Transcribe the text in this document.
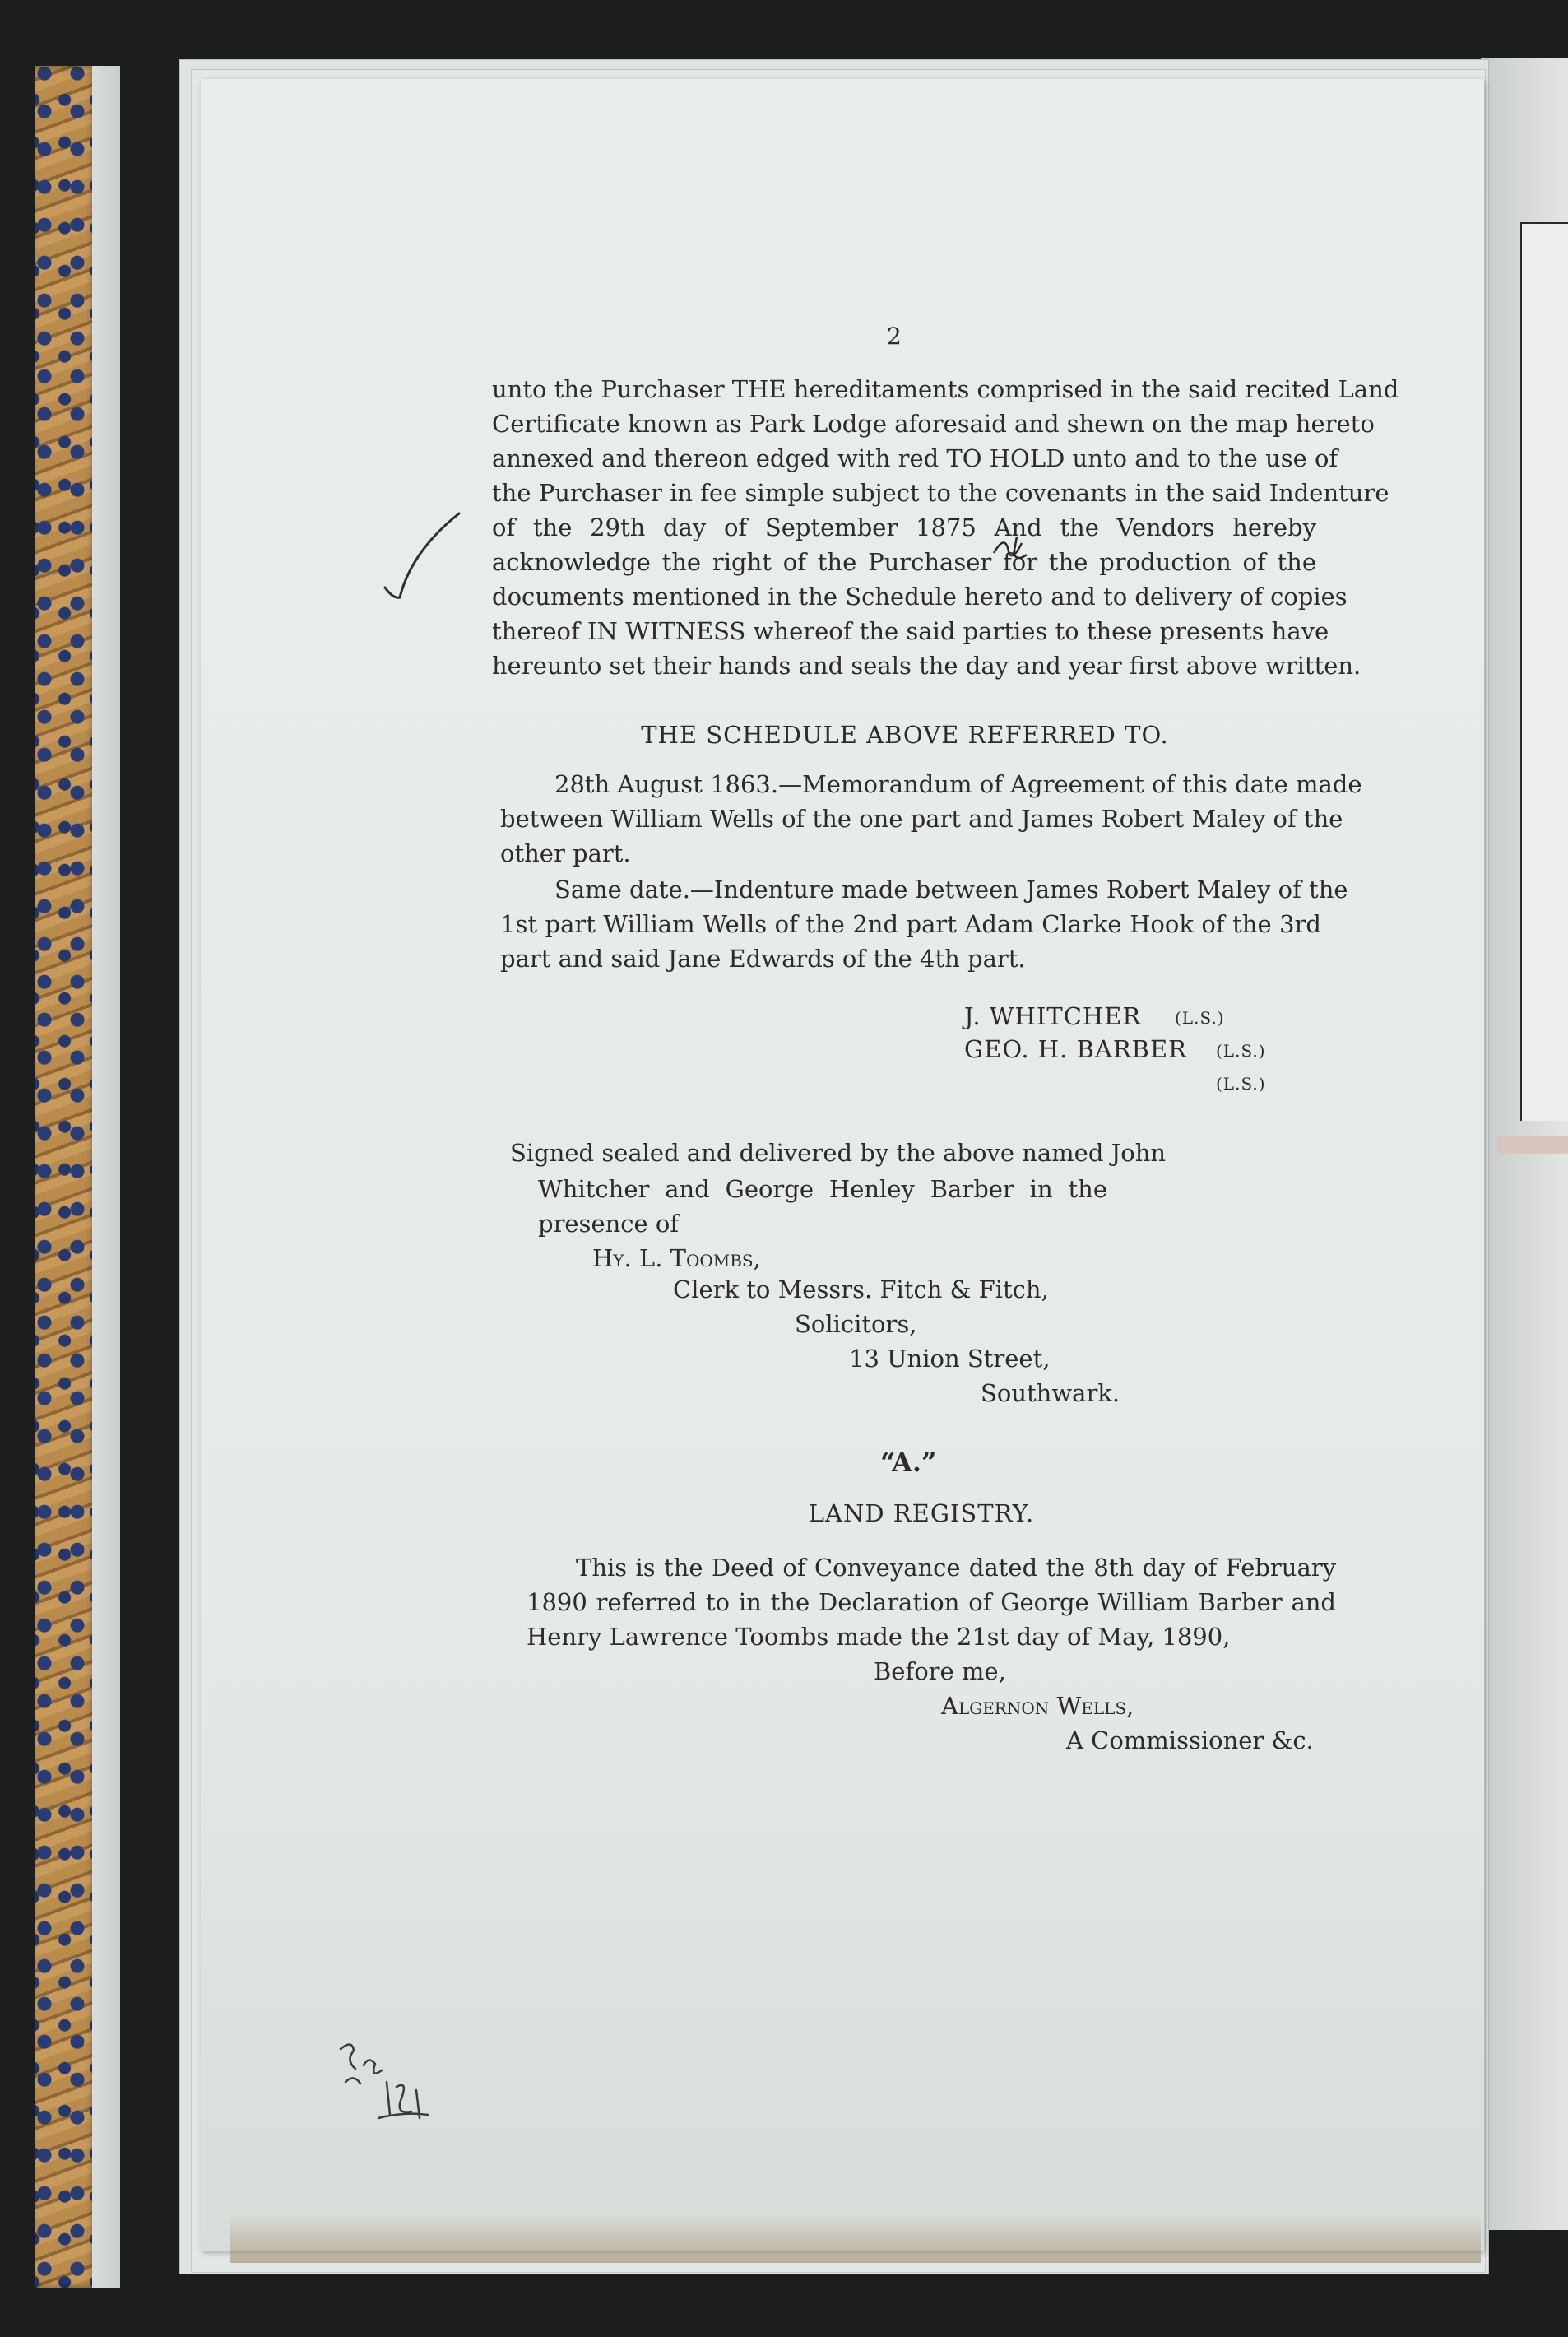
2
unto the Purchaser THE hereditaments comprised in the said recited Land
Certificate known as Park Lodge aforesaid and shewn on the map hereto
annexed and thereon edged with red TO HOLD unto and to the use of
the Purchaser in fee simple subject to the covenants in the said Indenture
of the 29th day of September 1875 And the Vendors hereby
acknowledge the right of the Purchaser for the production of the
documents mentioned in the Schedule hereto and to delivery of copies
thereof IN WITNESS whereof the said parties to these presents have
hereunto set their hands and seals the day and year first above written.
THE SCHEDULE ABOVE REFERRED TO.
28th August 1863.—Memorandum of Agreement of this date made
between William Wells of the one part and James Robert Maley of the
other part.
Same date.—Indenture made between James Robert Maley of the
1st part William Wells of the 2nd part Adam Clarke Hook of the 3rd
part and said Jane Edwards of the 4th part.
J. WHITCHER (L.S.)
GEO. H. BARBER (L.S.)
(L.S.)
Signed sealed and delivered by the above named John
Whitcher and George Henley Barber in the
presence of
Hy. L. Toombs,
Clerk to Messrs. Fitch & Fitch,
Solicitors,
13 Union Street,
Southwark.
“A.”
LAND REGISTRY.
This is the Deed of Conveyance dated the 8th day of February
1890 referred to in the Declaration of George William Barber and
Henry Lawrence Toombs made the 21st day of May, 1890,
Before me,
Algernon Wells,
A Commissioner &c.
